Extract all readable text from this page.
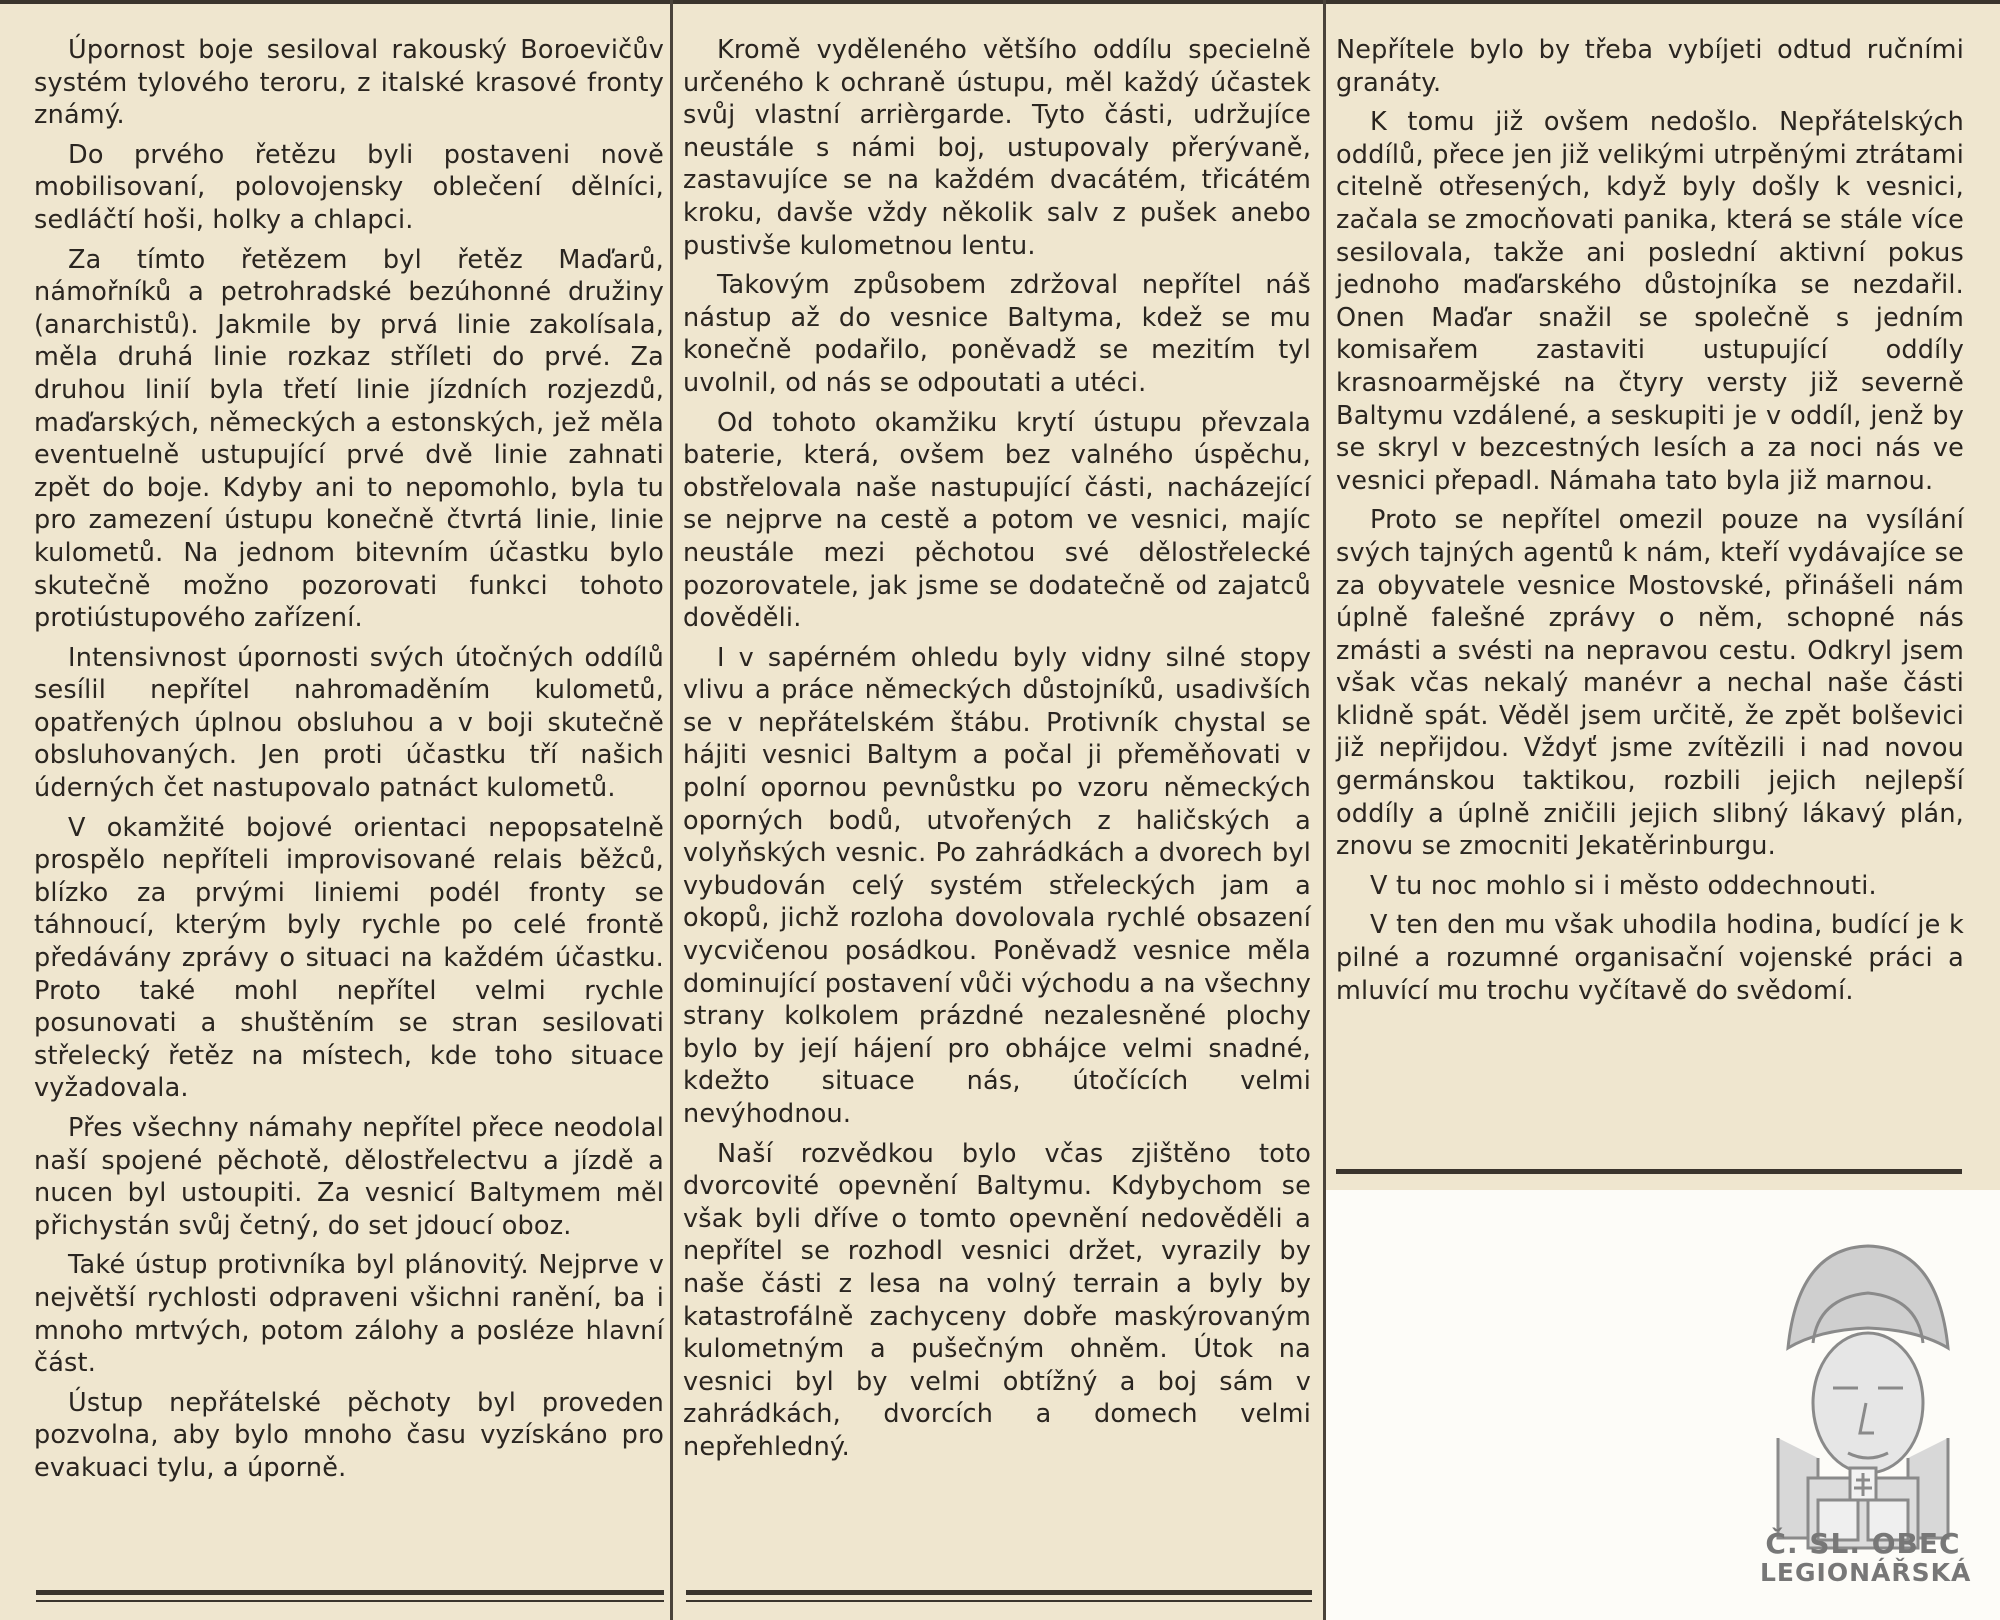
Úpornost boje sesiloval rakouský Boroevičův systém tylového teroru, z italské krasové fronty známý.

Do prvého řetězu byli postaveni nově mobilisovaní, polovojensky oblečení dělníci, sedláčtí hoši, holky a chlapci.

Za tímto řetězem byl řetěz Maďarů, námořníků a petrohradské bezúhonné družiny (anarchistů). Jakmile by prvá linie zakolísala, měla druhá linie rozkaz stříleti do prvé. Za druhou linií byla třetí linie jízdních rozjezdů, maďarských, německých a estonských, jež měla eventuelně ustupující prvé dvě linie zahnati zpět do boje. Kdyby ani to nepomohlo, byla tu pro zamezení ústupu konečně čtvrtá linie, linie kulometů. Na jednom bitevním účastku bylo skutečně možno pozorovati funkci tohoto protiústupového zařízení.

Intensivnost úpornosti svých útočných oddílů sesílil nepřítel nahromaděním kulometů, opatřených úplnou obsluhou a v boji skutečně obsluhovaných. Jen proti účastku tří našich úderných čet nastupovalo patnáct kulometů.

V okamžité bojové orientaci nepopsatelně prospělo nepříteli improvisované relais běžců, blízko za prvými liniemi podél fronty se táhnoucí, kterým byly rychle po celé frontě předávány zprávy o situaci na každém účastku. Proto také mohl nepřítel velmi rychle posunovati a shuštěním se stran sesilovati střelecký řetěz na místech, kde toho situace vyžadovala.

Přes všechny námahy nepřítel přece neodolal naší spojené pěchotě, dělostřelectvu a jízdě a nucen byl ustoupiti. Za vesnicí Baltymem měl přichystán svůj četný, do set jdoucí obоz.

Také ústup protivníka byl plánovitý. Nejprve v největší rychlosti odpraveni všichni ranění, ba i mnoho mrtvých, potom zálohy a posléze hlavní část.

Ústup nepřátelské pěchoty byl proveden pozvolna, aby bylo mnoho času vyzískáno pro evakuaci tylu, a úporně.

Kromě vyděleného většího oddílu specielně určeného k ochraně ústupu, měl každý účastek svůj vlastní arrièrgarde. Tyto části, udržujíce neustále s námi boj, ustupovaly přerývaně, zastavujíce se na každém dvacátém, třicátém kroku, davše vždy několik salv z pušek anebo pustivše kulometnou lentu.

Takovým způsobem zdržoval nepřítel náš nástup až do vesnice Baltyma, kdež se mu konečně podařilo, poněvadž se mezitím tyl uvolnil, od nás se odpoutati a utéci.

Od tohoto okamžiku krytí ústupu převzala baterie, která, ovšem bez valného úspěchu, obstřelovala naše nastupující části, nacházející se nejprve na cestě a potom ve vesnici, majíc neustále mezi pěchotou své dělostřelecké pozorovatele, jak jsme se dodatečně od zajatců dověděli.

I v sapérném ohledu byly vidny silné stopy vlivu a práce německých důstojníků, usadivších se v nepřátelském štábu. Protivník chystal se hájiti vesnici Baltym a počal ji přeměňovati v polní opornou pevnůstku po vzoru německých oporných bodů, utvořených z haličských a volyňských vesnic. Po zahrádkách a dvorech byl vybudován celý systém střeleckých jam a okopů, jichž rozloha dovolovala rychlé obsazení vycvičenou posádkou. Poněvadž vesnice měla dominující postavení vůči východu a na všechny strany kolkolem prázdné nezalesněné plochy bylo by její hájení pro obhájce velmi snadné, kdežto situace nás, útočících velmi nevýhodnou.

Naší rozvědkou bylo včas zjištěno toto dvorcovité opevnění Baltymu. Kdybychom se však byli dříve o tomto opevnění nedověděli a nepřítel se rozhodl vesnici držet, vyrazily by naše části z lesa na volný terrain a byly by katastrofálně zachyceny dobře maskýrovaným kulometným a pušečným ohněm. Útok na vesnici byl by velmi obtížný a boj sám v zahrádkách, dvorcích a domech velmi nepřehledný.

Nepřítele bylo by třeba vybíjeti odtud ručními granáty.

K tomu již ovšem nedošlo. Nepřátelských oddílů, přece jen již velikými utrpěnými ztrátami citelně otřesených, když byly došly k vesnici, začala se zmocňovati panika, která se stále více sesilovala, takže ani poslední aktivní pokus jednoho maďarského důstojníka se nezdařil. Onen Maďar snažil se společně s jedním komisařem zastaviti ustupující oddíly krasnoarmějské na čtyry versty již severně Baltymu vzdálené, a seskupiti je v oddíl, jenž by se skryl v bezcestných lesích a za noci nás ve vesnici přepadl. Námaha tato byla již marnou.

Proto se nepřítel omezil pouze na vysílání svých tajných agentů k nám, kteří vydávajíce se za obyvatele vesnice Mostovské, přinášeli nám úplně falešné zprávy o něm, schopné nás zmásti a svésti na nepravou cestu. Odkryl jsem však včas nekalý manévr a nechal naše části klidně spát. Věděl jsem určitě, že zpět bolševici již nepřijdou. Vždyť jsme zvítězili i nad novou germánskou taktikou, rozbili jejich nejlepší oddíly a úplně zničili jejich slibný lákavý plán, znovu se zmocniti Jekatěrinburgu.

V tu noc mohlo si i město oddechnouti.

V ten den mu však uhodila hodina, budící je k pilné a rozumné organisační vojenské práci a mluvící mu trochu vyčítavě do svědomí.

Č. SL. OBEC
LEGIONÁŘSKÁ
